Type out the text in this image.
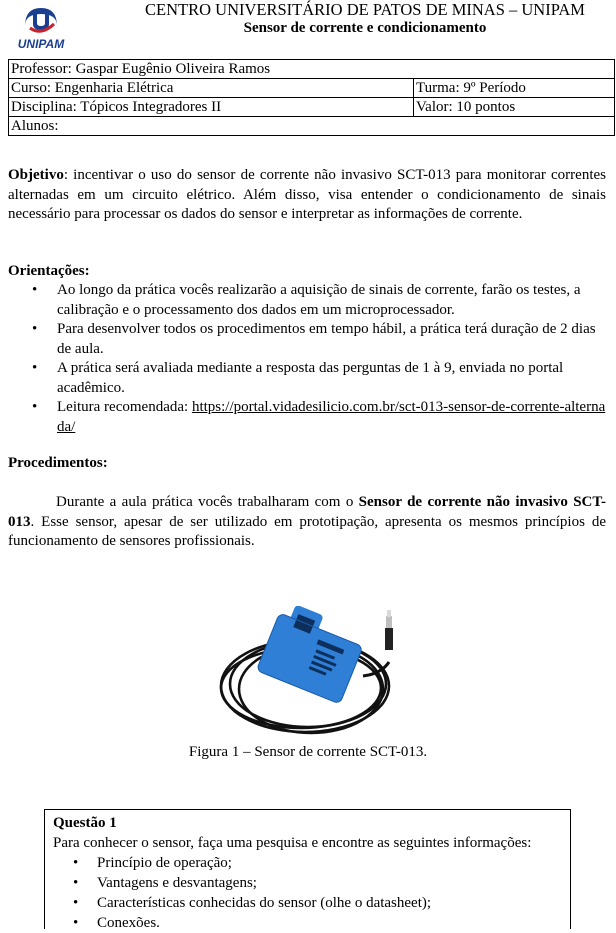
UNIPAM
CENTRO UNIVERSITÁRIO DE PATOS DE MINAS – UNIPAM
Sensor de corrente e condicionamento
Professor: Gaspar Eugênio Oliveira Ramos	
Curso: Engenharia Elétrica	Turma: 9º Período
Disciplina: Tópicos Integradores II	Valor: 10 pontos
Alunos:	
Objetivo: incentivar o uso do sensor de corrente não invasivo SCT-013 para monitorar correntes alternadas em um circuito elétrico. Além disso, visa entender o condicionamento de sinais necessário para processar os dados do sensor e interpretar as informações de corrente.
Orientações:
• Ao longo da prática vocês realizarão a aquisição de sinais de corrente, farão os testes, a calibração e o processamento dos dados em um microprocessador.
• Para desenvolver todos os procedimentos em tempo hábil, a prática terá duração de 2 dias de aula.
• A prática será avaliada mediante a resposta das perguntas de 1 à 9, enviada no portal acadêmico.
• Leitura recomendada: https://portal.vidadesilicio.com.br/sct-013-sensor-de-corrente-alternada/
Procedimentos:
Durante a aula prática vocês trabalharam com o Sensor de corrente não invasivo SCT-013. Esse sensor, apesar de ser utilizado em prototipação, apresenta os mesmos princípios de funcionamento de sensores profissionais.
Figura 1 – Sensor de corrente SCT-013.
Questão 1
Para conhecer o sensor, faça uma pesquisa e encontre as seguintes informações:
• Princípio de operação;
• Vantagens e desvantagens;
• Características conhecidas do sensor (olhe o datasheet);
• Conexões.
